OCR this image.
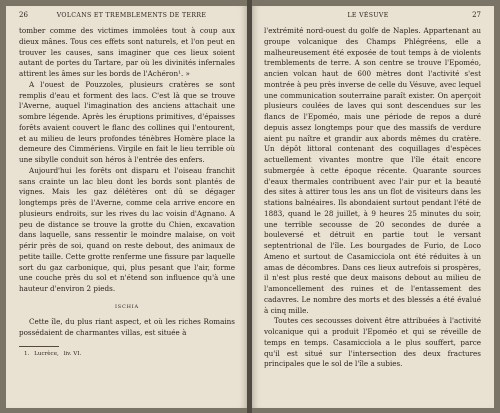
26	VOLCANS ET TREMBLEMENTS DE TERRE

tomber comme des victimes immolées tout à coup aux dieux mânes. Tous ces effets sont naturels, et l'on peut en trouver les causes, sans imaginer que ces lieux soient autant de portes du Tartare, par où les divinités infernales attirent les âmes sur les bords de l'Achéron¹. »

A l'ouest de Pouzzoles, plusieurs cratères se sont remplis d'eau et forment des lacs. C'est là que se trouve l'Averne, auquel l'imagination des anciens attachait une sombre légende. Après les éruptions primitives, d'épaisses forêts avaient couvert le flanc des collines qui l'entourent, et au milieu de leurs profondes ténèbres Homère place la demeure des Cimmériens. Virgile en fait le lieu terrible où une sibylle conduit son héros à l'entrée des enfers.

Aujourd'hui les forêts ont disparu et l'oiseau franchit sans crainte un lac bleu dont les bords sont plantés de vignes. Mais les gaz délétères ont dû se dégager longtemps près de l'Averne, comme cela arrive encore en plusieurs endroits, sur les rives du lac voisin d'Agnano. A peu de distance se trouve la grotte du Chien, excavation dans laquelle, sans ressentir le moindre malaise, on voit périr près de soi, quand on reste debout, des animaux de petite taille. Cette grotte renferme une fissure par laquelle sort du gaz carbonique, qui, plus pesant que l'air, forme une couche près du sol et n'étend son influence qu'à une hauteur d'environ 2 pieds.

ISCHIA

Cette île, du plus riant aspect, et où les riches Romains possédaient de charmantes villas, est située à

1. Lucrèce, liv. VI.
LE VÉSUVE	27

l'extrémité nord-ouest du golfe de Naples. Appartenant au groupe volcanique des Champs Phlégréens, elle a malheureusement été exposée de tout temps à de violents tremblements de terre. A son centre se trouve l'Epoméo, ancien volcan haut de 600 mètres dont l'activité s'est montrée à peu près inverse de celle du Vésuve, avec lequel une communication souterraine paraît exister. On aperçoit plusieurs coulées de laves qui sont descendues sur les flancs de l'Epoméo, mais une période de repos a duré depuis assez longtemps pour que des massifs de verdure aient pu naître et grandir aux abords mêmes du cratère. Un dépôt littoral contenant des coquillages d'espèces actuellement vivantes montre que l'île était encore submergée à cette époque récente. Quarante sources d'eaux thermales contribuent avec l'air pur et la beauté des sites à attirer tous les ans un flot de visiteurs dans les stations balnéaires. Ils abondaient surtout pendant l'été de 1883, quand le 28 juillet, à 9 heures 25 minutes du soir, une terrible secousse de 20 secondes de durée a bouleversé et détruit en partie tout le versant septentrional de l'île. Les bourgades de Furio, de Loco Ameno et surtout de Casamicciola ont été réduites à un amas de décombres. Dans ces lieux autrefois si prospères, il n'est plus resté que deux maisons debout au milieu de l'amoncellement des ruines et de l'entassement des cadavres. Le nombre des morts et des blessés a été évalué à cinq mille.

Toutes ces secousses doivent être attribuées à l'activité volcanique qui a produit l'Epoméo et qui se réveille de temps en temps. Casamicciola a le plus souffert, parce qu'il est situé sur l'intersection des deux fractures principales que le sol de l'île a subies.
